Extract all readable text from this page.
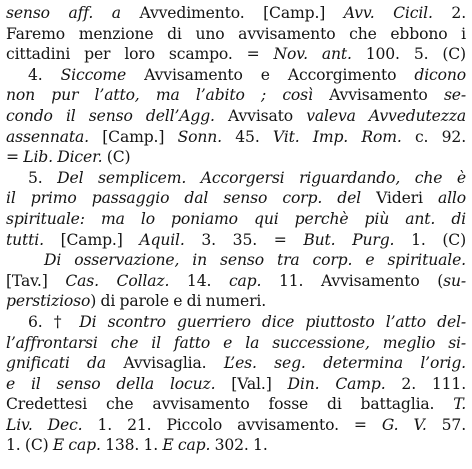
senso aff. a Avvedimento. [Camp.] Avv. Cicil. 2.
Faremo menzione di uno avvisamento che ebbono i
cittadini per loro scampo. = Nov. ant. 100. 5. (C)
4. Siccome Avvisamento e Accorgimento dicono
non pur l’atto, ma l’abito ; così Avvisamento se-
condo il senso dell’Agg. Avvisato valeva Avvedutezza
assennata. [Camp.] Sonn. 45. Vit. Imp. Rom. c. 92.
= Lib. Dicer. (C)
5. Del semplicem. Accorgersi riguardando, che è
il primo passaggio dal senso corp. del Videri allo
spirituale: ma lo poniamo qui perchè più ant. di
tutti. [Camp.] Aquil. 3. 35. = But. Purg. 1. (C)
Di osservazione, in senso tra corp. e spirituale.
[Tav.] Cas. Collaz. 14. cap. 11. Avvisamento (su-
perstizioso) di parole e di numeri.
6. † Di scontro guerriero dice piuttosto l’atto del-
l’affrontarsi che il fatto e la successione, meglio si-
gnificati da Avvisaglia. L’es. seg. determina l’orig.
e il senso della locuz. [Val.] Din. Camp. 2. 111.
Credettesi che avvisamento fosse di battaglia. T.
Liv. Dec. 1. 21. Piccolo avvisamento. = G. V. 57.
1. (C) E cap. 138. 1. E cap. 302. 1.
